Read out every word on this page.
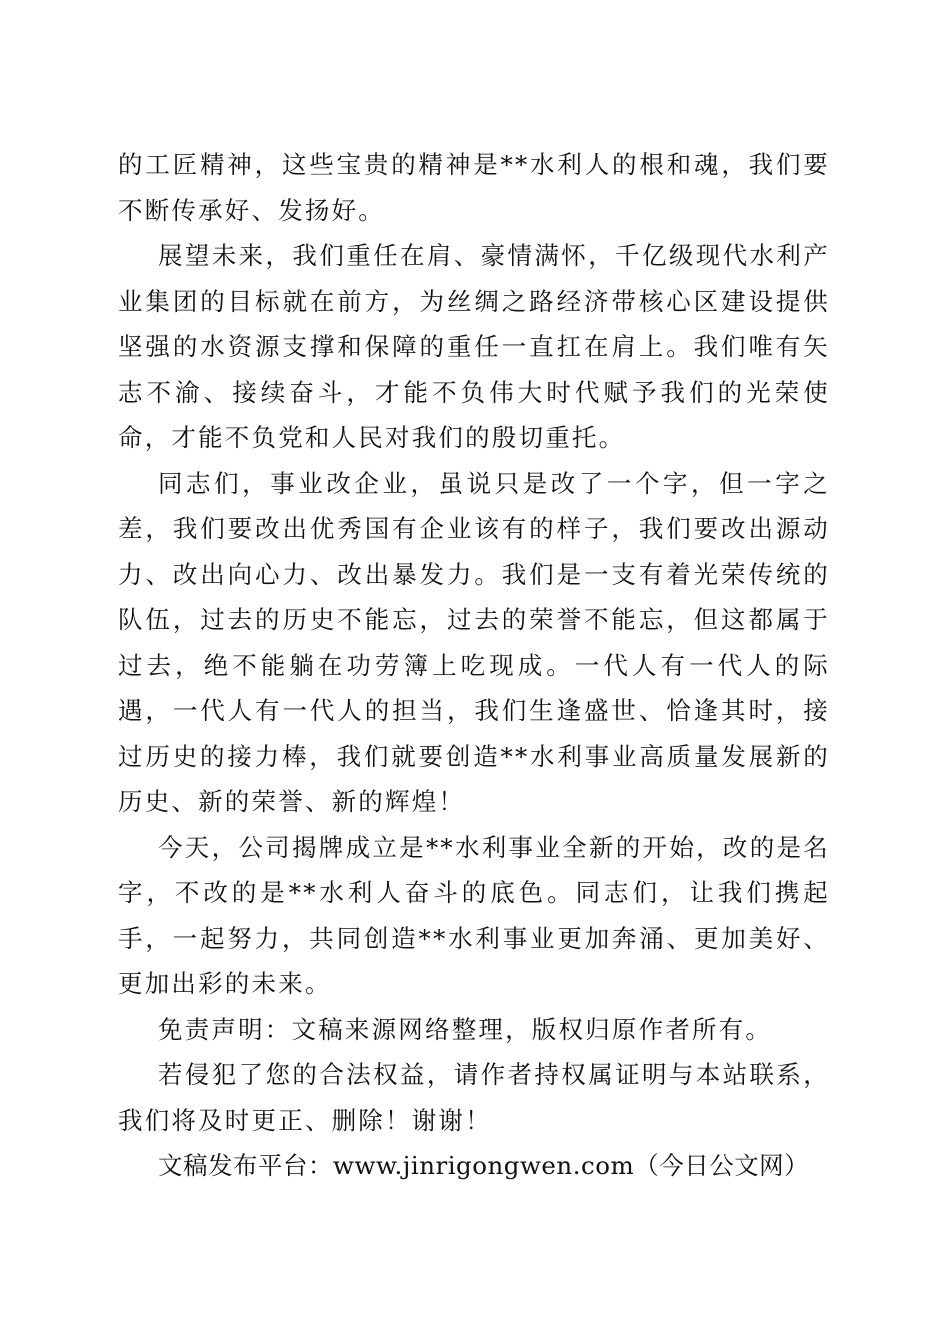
的工匠精神，这些宝贵的精神是**水利人的根和魂，我们要不断传承好、发扬好。

展望未来，我们重任在肩、豪情满怀，千亿级现代水利产业集团的目标就在前方，为丝绸之路经济带核心区建设提供坚强的水资源支撑和保障的重任一直扛在肩上。我们唯有矢志不渝、接续奋斗，才能不负伟大时代赋予我们的光荣使命，才能不负党和人民对我们的殷切重托。

同志们，事业改企业，虽说只是改了一个字，但一字之差，我们要改出优秀国有企业该有的样子，我们要改出源动力、改出向心力、改出暴发力。我们是一支有着光荣传统的队伍，过去的历史不能忘，过去的荣誉不能忘，但这都属于过去，绝不能躺在功劳簿上吃现成。一代人有一代人的际遇，一代人有一代人的担当，我们生逢盛世、恰逢其时，接过历史的接力棒，我们就要创造**水利事业高质量发展新的历史、新的荣誉、新的辉煌！

今天，公司揭牌成立是**水利事业全新的开始，改的是名字，不改的是**水利人奋斗的底色。同志们，让我们携起手，一起努力，共同创造**水利事业更加奔涌、更加美好、更加出彩的未来。

免责声明：文稿来源网络整理，版权归原作者所有。

若侵犯了您的合法权益，请作者持权属证明与本站联系，我们将及时更正、删除！谢谢！

文稿发布平台：www.jinrigongwen.com（今日公文网）
